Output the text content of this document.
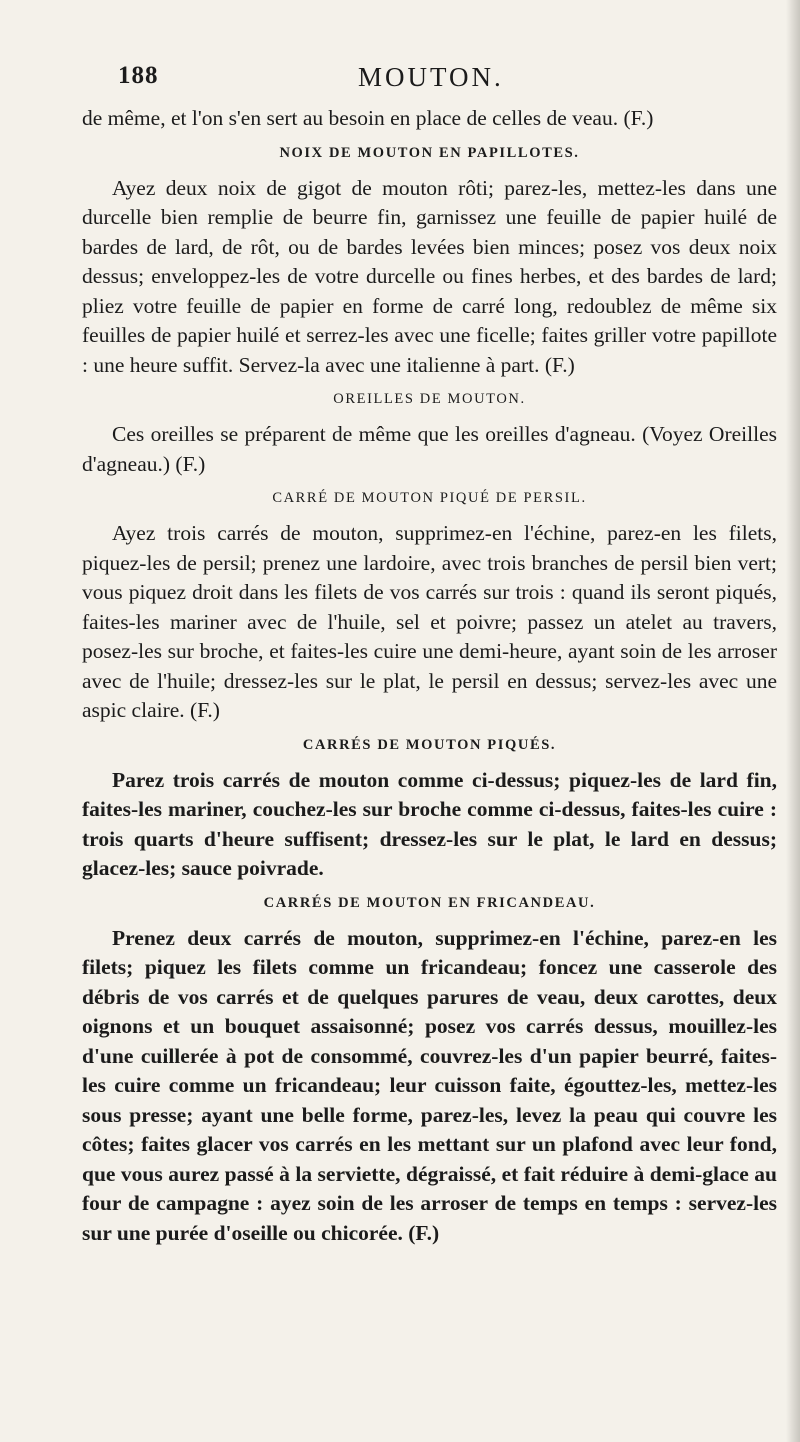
188	MOUTON.

de même, et l'on s'en sert au besoin en place de celles de veau. (F.)

NOIX DE MOUTON EN PAPILLOTES.

Ayez deux noix de gigot de mouton rôti; parez-les, mettez-les dans une durcelle bien remplie de beurre fin, garnissez une feuille de papier huilé de bardes de lard, de rôt, ou de bardes levées bien minces; posez vos deux noix dessus; enveloppez-les de votre durcelle ou fines herbes, et des bardes de lard; pliez votre feuille de papier en forme de carré long, redoublez de même six feuilles de papier huilé et serrez-les avec une ficelle; faites griller votre papillote : une heure suffit. Servez-la avec une italienne à part. (F.)

OREILLES DE MOUTON.

Ces oreilles se préparent de même que les oreilles d'agneau. (Voyez Oreilles d'agneau.) (F.)

CARRÉ DE MOUTON PIQUÉ DE PERSIL.

Ayez trois carrés de mouton, supprimez-en l'échine, parez-en les filets, piquez-les de persil; prenez une lardoire, avec trois branches de persil bien vert; vous piquez droit dans les filets de vos carrés sur trois : quand ils seront piqués, faites-les mariner avec de l'huile, sel et poivre; passez un atelet au travers, posez-les sur broche, et faites-les cuire une demi-heure, ayant soin de les arroser avec de l'huile; dressez-les sur le plat, le persil en dessus; servez-les avec une aspic claire. (F.)

CARRÉS DE MOUTON PIQUÉS.

Parez trois carrés de mouton comme ci-dessus; piquez-les de lard fin, faites-les mariner, couchez-les sur broche comme ci-dessus, faites-les cuire : trois quarts d'heure suffisent; dressez-les sur le plat, le lard en dessus; glacez-les; sauce poivrade.

CARRÉS DE MOUTON EN FRICANDEAU.

Prenez deux carrés de mouton, supprimez-en l'échine, parez-en les filets; piquez les filets comme un fricandeau; foncez une casserole des débris de vos carrés et de quelques parures de veau, deux carottes, deux oignons et un bouquet assaisonné; posez vos carrés dessus, mouillez-les d'une cuillerée à pot de consommé, couvrez-les d'un papier beurré, faites-les cuire comme un fricandeau; leur cuisson faite, égouttez-les, mettez-les sous presse; ayant une belle forme, parez-les, levez la peau qui couvre les côtes; faites glacer vos carrés en les mettant sur un plafond avec leur fond, que vous aurez passé à la serviette, dégraissé, et fait réduire à demi-glace au four de campagne : ayez soin de les arroser de temps en temps : servez-les sur une purée d'oseille ou chicorée. (F.)
